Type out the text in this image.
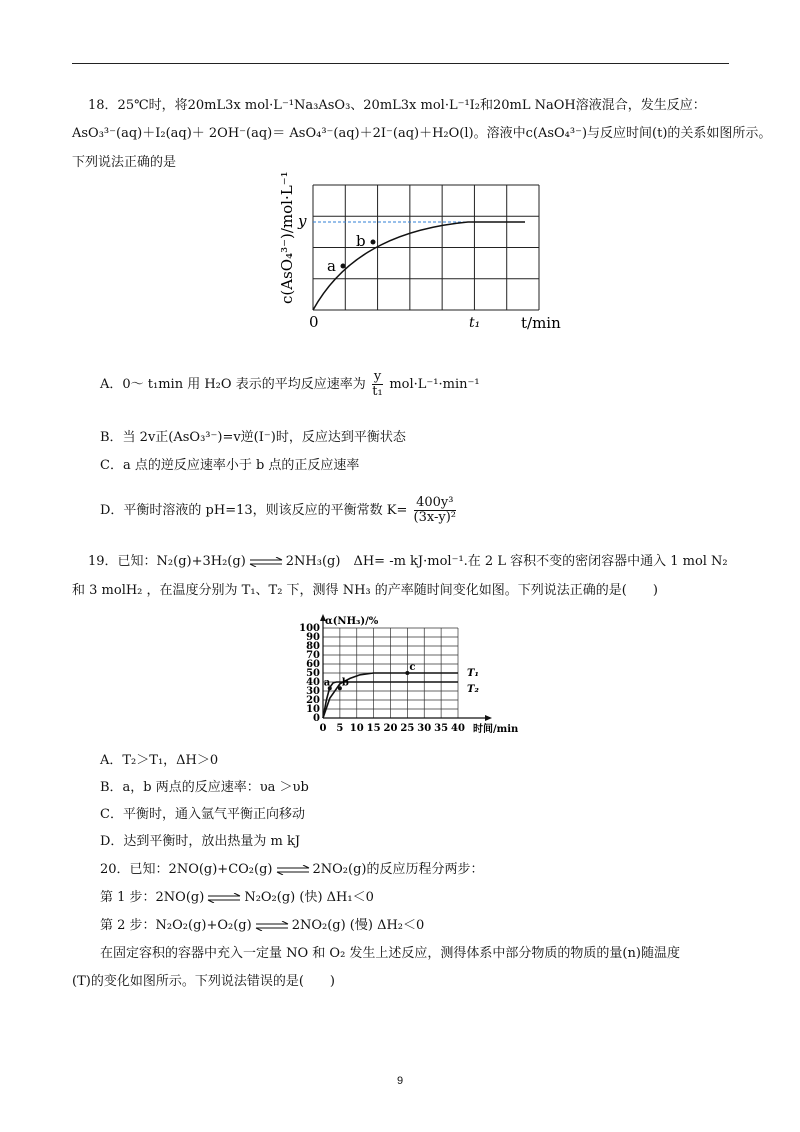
18．25℃时，将20mL3x mol·L⁻¹Na₃AsO₃、20mL3x mol·L⁻¹I₂和20mL NaOH溶液混合，发生反应：
AsO₃³⁻(aq)＋I₂(aq)＋ 2OH⁻(aq)＝ AsO₄³⁻(aq)＋2I⁻(aq)＋H₂O(l)。溶液中c(AsO₄³⁻)与反应时间(t)的关系如图所示。
下列说法正确的是
a
b
y
0	t₁	t/min
c(AsO₄³⁻)/mol·L⁻¹
A．0～ t₁min 用 H₂O 表示的平均反应速率为 $\frac{y}{\text{t₁}} mol\cdot L^{-1}\cdot\min^{-1}$
B．当 2v正(AsO₃³⁻)=v逆(I⁻)时，反应达到平衡状态
C．a 点的逆反应速率小于 b 点的正反应速率
D．平衡时溶液的 pH=13，则该反应的平衡常数 $K= \frac{\text{400y³}}{\text{(3x-y)²}}$
19．已知：N₂(g)+3H₂(g) ⇌ 2NH₃(g)　ΔH= -m kJ·mol⁻¹.在 2 L 容积不变的密闭容器中通入 1 mol N₂
和 3 molH₂ ，在温度分别为 T₁、T₂ 下，测得 NH₃ 的产率随时间变化如图。下列说法正确的是(　　)
0
10
20
30
40
50
60
70
80
90
100
0 5 10 15 20 25 30 35 40
T₁
T₂
a b
c
α(NH₃)/%
时间/min
A．T₂＞T₁，ΔH＞0
B．a，b 两点的反应速率：υa ＞υb
C．平衡时，通入氩气平衡正向移动
D．达到平衡时，放出热量为 m kJ
20．已知：2NO(g)+CO₂(g) ⇌ 2NO₂(g)的反应历程分两步：
第 1 步：2NO(g) ⇌ N₂O₂(g) (快) ΔH₁＜0
第 2 步：N₂O₂(g)+O₂(g) ⇌ 2NO₂(g) (慢) ΔH₂＜0
在固定容积的容器中充入一定量 NO 和 O₂ 发生上述反应，测得体系中部分物质的物质的量(n)随温度
(T)的变化如图所示。下列说法错误的是(　　)
9
